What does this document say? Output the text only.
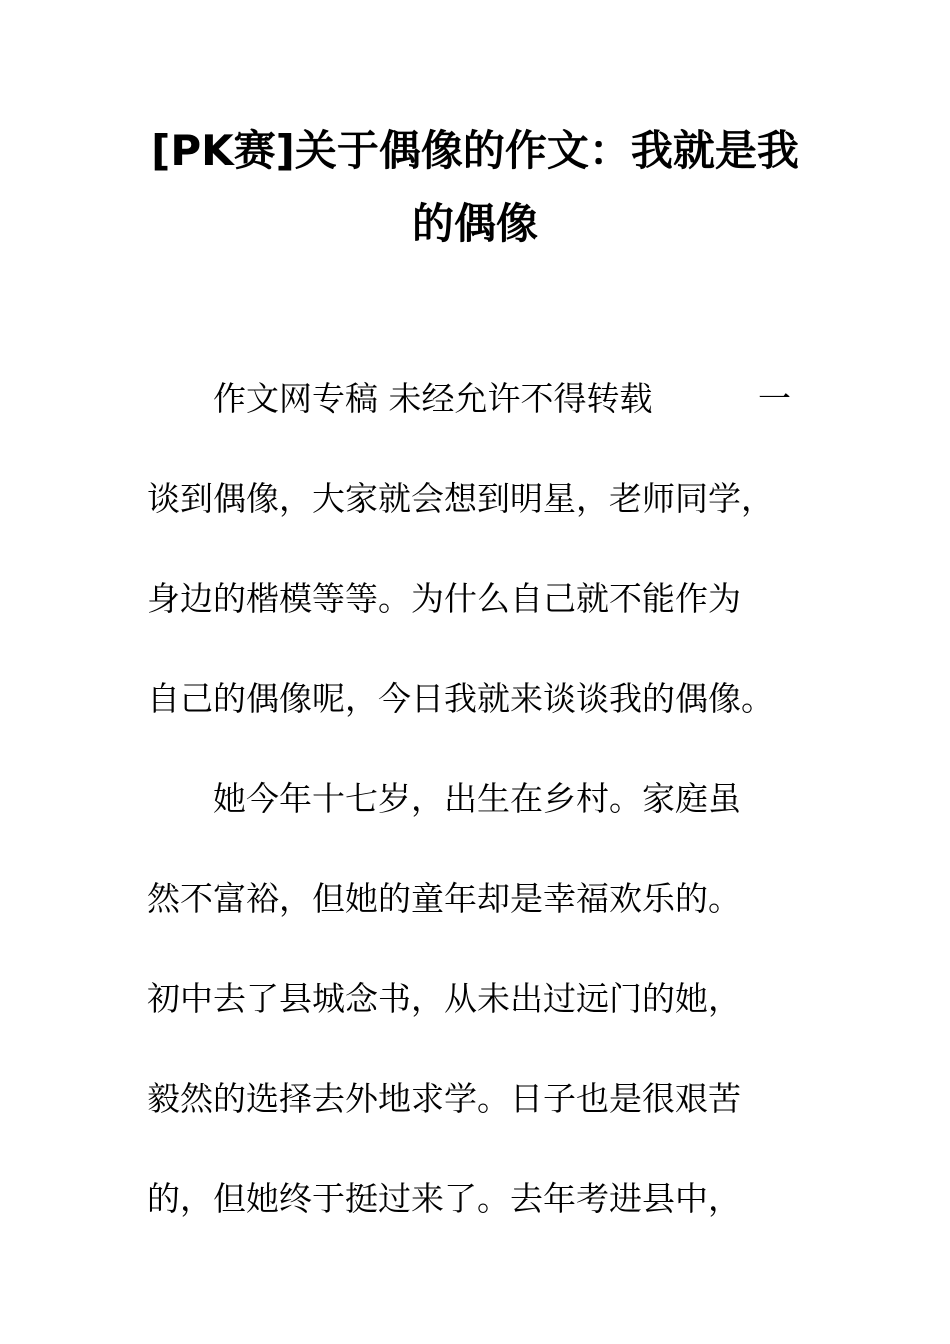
[PK赛]关于偶像的作文：我就是我
的偶像
作文网专稿 未经允许不得转载	一
谈到偶像，大家就会想到明星，老师同学，
身边的楷模等等。为什么自己就不能作为
自己的偶像呢，今日我就来谈谈我的偶像。
她今年十七岁，出生在乡村。家庭虽
然不富裕，但她的童年却是幸福欢乐的。
初中去了县城念书，从未出过远门的她，
毅然的选择去外地求学。日子也是很艰苦
的，但她终于挺过来了。去年考进县中，
